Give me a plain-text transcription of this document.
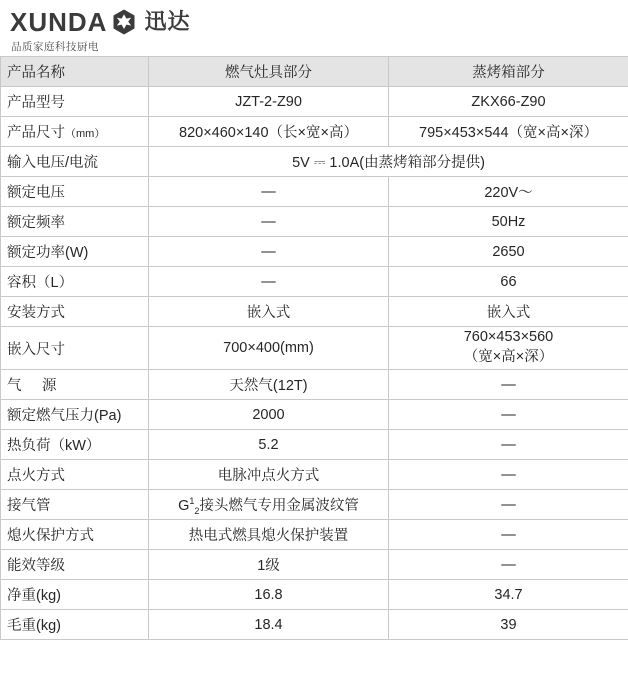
XUNDA 迅达
品质家庭科技厨电
产品名称	燃气灶具部分	蒸烤箱部分
产品型号	JZT-2-Z90	ZKX66-Z90
产品尺寸（mm）	820×460×140（长×宽×高）	795×453×544（宽×高×深）
输入电压/电流	5V ⎓ 1.0A(由蒸烤箱部分提供)	
额定电压	—	220V～
额定频率	—	50Hz
额定功率(W)	—	2650
容积（L）	—	66
安装方式	嵌入式	嵌入式
嵌入尺寸	700×400(mm)	760×453×560
（宽×高×深）
气　源	天然气(12T)	—
额定燃气压力(Pa)	2000	—
热负荷（kW）	5.2	—
点火方式	电脉冲点火方式	—
接气管	$G^1_2$接头燃气专用金属波纹管	—
熄火保护方式	热电式燃具熄火保护装置	—
能效等级	1级	—
净重(kg)	16.8	34.7
毛重(kg)	18.4	39
